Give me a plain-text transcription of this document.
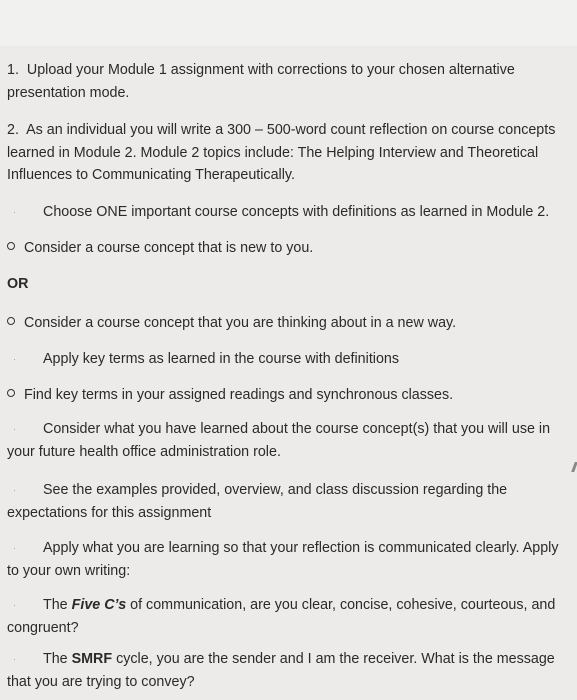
1. Upload your Module 1 assignment with corrections to your chosen alternative presentation mode.
2. As an individual you will write a 300 – 500-word count reflection on course concepts learned in Module 2. Module 2 topics include: The Helping Interview and Theoretical Influences to Communicating Therapeutically.
·	Choose ONE important course concepts with definitions as learned in Module 2.
Consider a course concept that is new to you.
OR
Consider a course concept that you are thinking about in a new way.
·	Apply key terms as learned in the course with definitions
Find key terms in your assigned readings and synchronous classes.
·	Consider what you have learned about the course concept(s) that you will use in your future health office administration role.
·	See the examples provided, overview, and class discussion regarding the expectations for this assignment
·	Apply what you are learning so that your reflection is communicated clearly. Apply to your own writing:
·	The Five C’s of communication, are you clear, concise, cohesive, courteous, and congruent?
·	The SMRF cycle, you are the sender and I am the receiver. What is the message that you are trying to convey?
